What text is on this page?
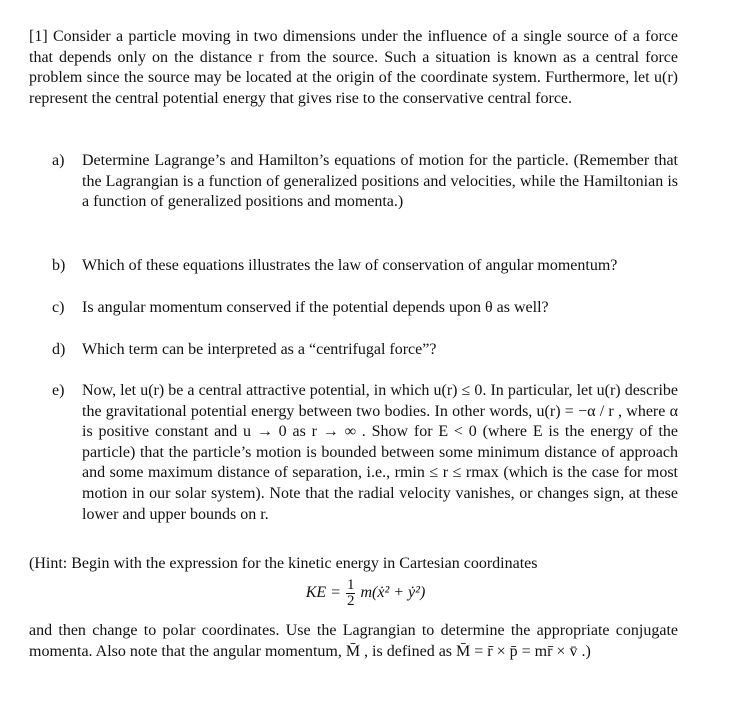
[1] Consider a particle moving in two dimensions under the influence of a single source of a force that depends only on the distance r from the source. Such a situation is known as a central force problem since the source may be located at the origin of the coordinate system. Furthermore, let u(r) represent the central potential energy that gives rise to the conservative central force.

a)	Determine Lagrange’s and Hamilton’s equations of motion for the particle. (Remember that the Lagrangian is a function of generalized positions and velocities, while the Hamiltonian is a function of generalized positions and momenta.)
b)	Which of these equations illustrates the law of conservation of angular momentum?
c)	Is angular momentum conserved if the potential depends upon θ as well?
d)	Which term can be interpreted as a “centrifugal force”?
e)	Now, let u(r) be a central attractive potential, in which u(r) ≤ 0. In particular, let u(r) describe the gravitational potential energy between two bodies. In other words, u(r) = −α / r , where α is positive constant and u → 0 as r → ∞ . Show for E < 0 (where E is the energy of the particle) that the particle’s motion is bounded between some minimum distance of approach and some maximum distance of separation, i.e., rmin ≤ r ≤ rmax (which is the case for most motion in our solar system). Note that the radial velocity vanishes, or changes sign, at these lower and upper bounds on r.

(Hint: Begin with the expression for the kinetic energy in Cartesian coordinates

KE = $\frac{1}{2}$ m(ẋ² + ẏ²)

and then change to polar coordinates. Use the Lagrangian to determine the appropriate conjugate momenta. Also note that the angular momentum, M̄ , is defined as M̄ = r̄ × p̄ = mr̄ × v̄ .)
